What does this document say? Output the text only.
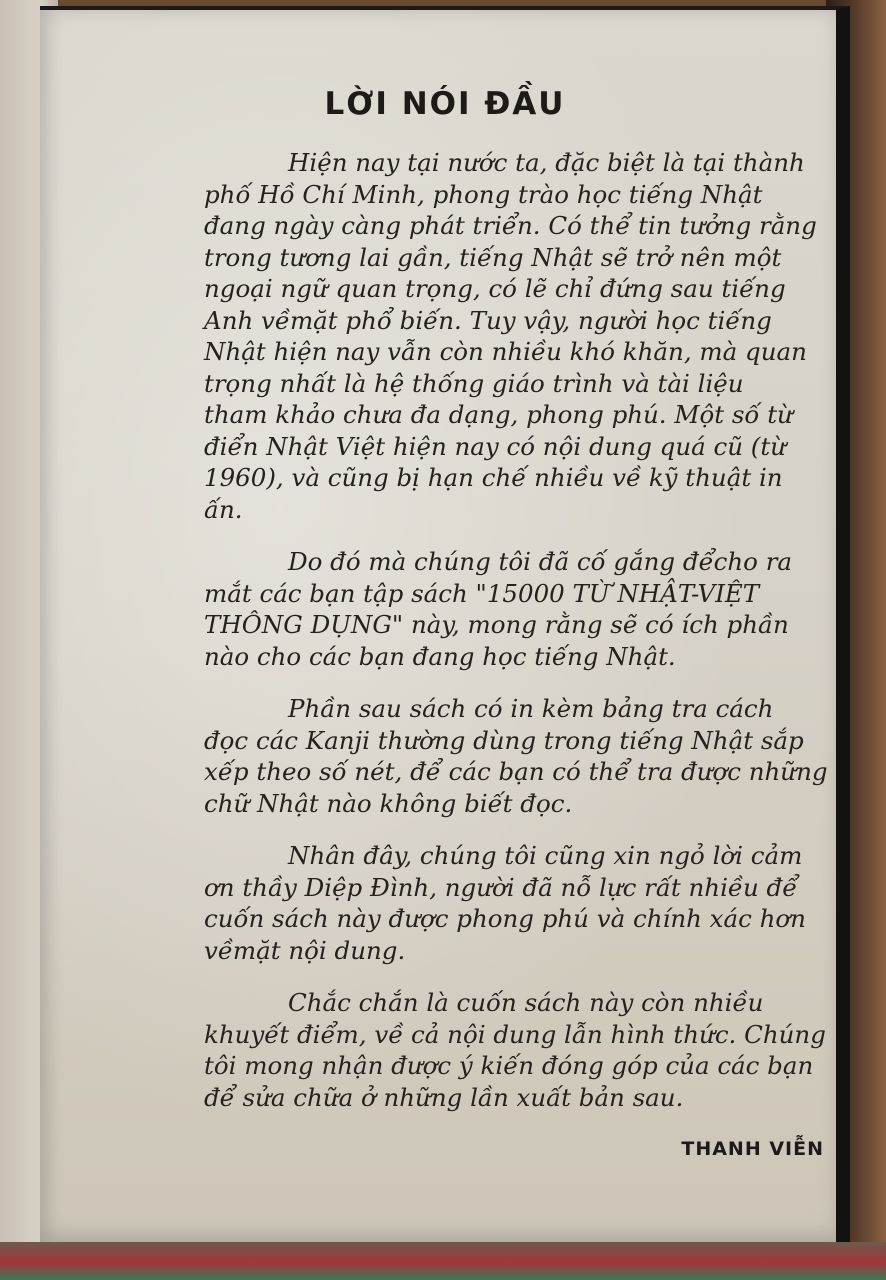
LỜI NÓI ĐẦU

Hiện nay tại nước ta, đặc biệt là tại thành
phố Hồ Chí Minh, phong trào học tiếng Nhật
đang ngày càng phát triển. Có thể tin tưởng rằng
trong tương lai gần, tiếng Nhật sẽ trở nên một
ngoại ngữ quan trọng, có lẽ chỉ đứng sau tiếng
Anh vềmặt phổ biến. Tuy vậy, người học tiếng
Nhật hiện nay vẫn còn nhiều khó khăn, mà quan
trọng nhất là hệ thống giáo trình và tài liệu
tham khảo chưa đa dạng, phong phú. Một số từ
điển Nhật Việt hiện nay có nội dung quá cũ (từ
1960), và cũng bị hạn chế nhiều về kỹ thuật in
ấn.

Do đó mà chúng tôi đã cố gắng đểcho ra
mắt các bạn tập sách "15000 TỪ NHẬT-VIỆT
THÔNG DỤNG" này, mong rằng sẽ có ích phần
nào cho các bạn đang học tiếng Nhật.

Phần sau sách có in kèm bảng tra cách
đọc các Kanji thường dùng trong tiếng Nhật sắp
xếp theo số nét, để các bạn có thể tra được những
chữ Nhật nào không biết đọc.

Nhân đây, chúng tôi cũng xin ngỏ lời cảm
ơn thầy Diệp Đình, người đã nỗ lực rất nhiều để
cuốn sách này được phong phú và chính xác hơn
vềmặt nội dung.

Chắc chắn là cuốn sách này còn nhiều
khuyết điểm, về cả nội dung lẫn hình thức. Chúng
tôi mong nhận được ý kiến đóng góp của các bạn
để sửa chữa ở những lần xuất bản sau.

THANH VIỄN
